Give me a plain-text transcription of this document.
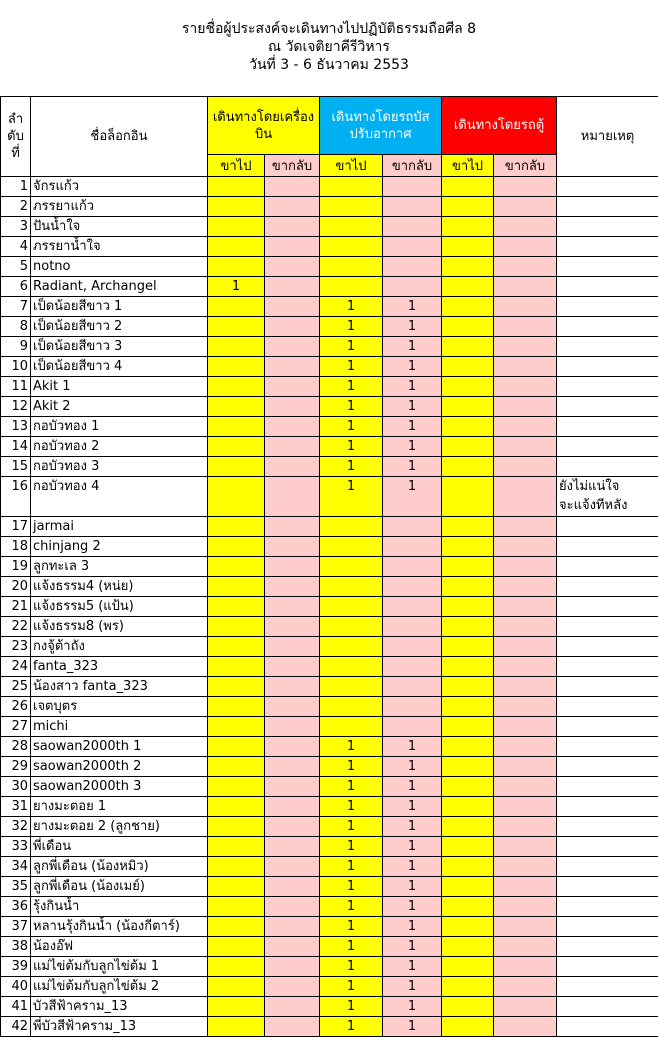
รายชื่อผู้ประสงค์จะเดินทางไปปฏิบัติธรรมถือศีล 8
ณ วัดเจติยาคีรีวิหาร
วันที่ 3 - 6 ธันวาคม 2553
ลำ
ดับ
ที่	ชื่อล็อกอิน	เดินทางโดยเครื่องบิน		เดินทางโดยรถบัสปรับอากาศ		เดินทางโดยรถตู้		หมายเหตุ
		ขาไป	ขากลับ	ขาไป	ขากลับ	ขาไป	ขากลับ	
1	จักรแก้ว							
2	ภรรยาแก้ว							
3	ปันน้ำใจ							
4	ภรรยาน้ำใจ							
5	notno							
6	Radiant, Archangel	1						
7	เป็ดน้อยสีขาว 1			1	1			
8	เป็ดน้อยสีขาว 2			1	1			
9	เป็ดน้อยสีขาว 3			1	1			
10	เป็ดน้อยสีขาว 4			1	1			
11	Akit 1			1	1			
12	Akit 2			1	1			
13	กอบัวทอง 1			1	1			
14	กอบัวทอง 2			1	1			
15	กอบัวทอง 3			1	1			
16	กอบัวทอง 4			1	1			ยังไม่แน่ใจ จะแจ้งทีหลัง
17	jarmai							
18	chinjang 2							
19	ลูกทะเล 3							
20	แจ้งธรรม4 (หน่ย)							
21	แจ้งธรรม5 (แป้น)							
22	แจ้งธรรม8 (พร)							
23	กงจู้ต้าถัง							
24	fanta_323							
25	น้องสาว fanta_323							
26	เจตบุตร							
27	michi							
28	saowan2000th 1			1	1			
29	saowan2000th 2			1	1			
30	saowan2000th 3			1	1			
31	ยางมะตอย 1			1	1			
32	ยางมะตอย 2 (ลูกชาย)			1	1			
33	พี่เดือน			1	1			
34	ลูกพี่เดือน (น้องหมิว)			1	1			
35	ลูกพี่เดือน (น้องเมย์)			1	1			
36	รุ้งกินน้ำ			1	1			
37	หลานรุ้งกินน้ำ (น้องกีตาร์)			1	1			
38	น้องอ๊ฟ			1	1			
39	แม่ไข่ต้มกับลูกไข่ต้ม 1			1	1			
40	แม่ไข่ต้มกับลูกไข่ต้ม 2			1	1			
41	บัวสีฟ้าคราม_13			1	1			
42	พี่บัวสีฟ้าคราม_13			1	1			
